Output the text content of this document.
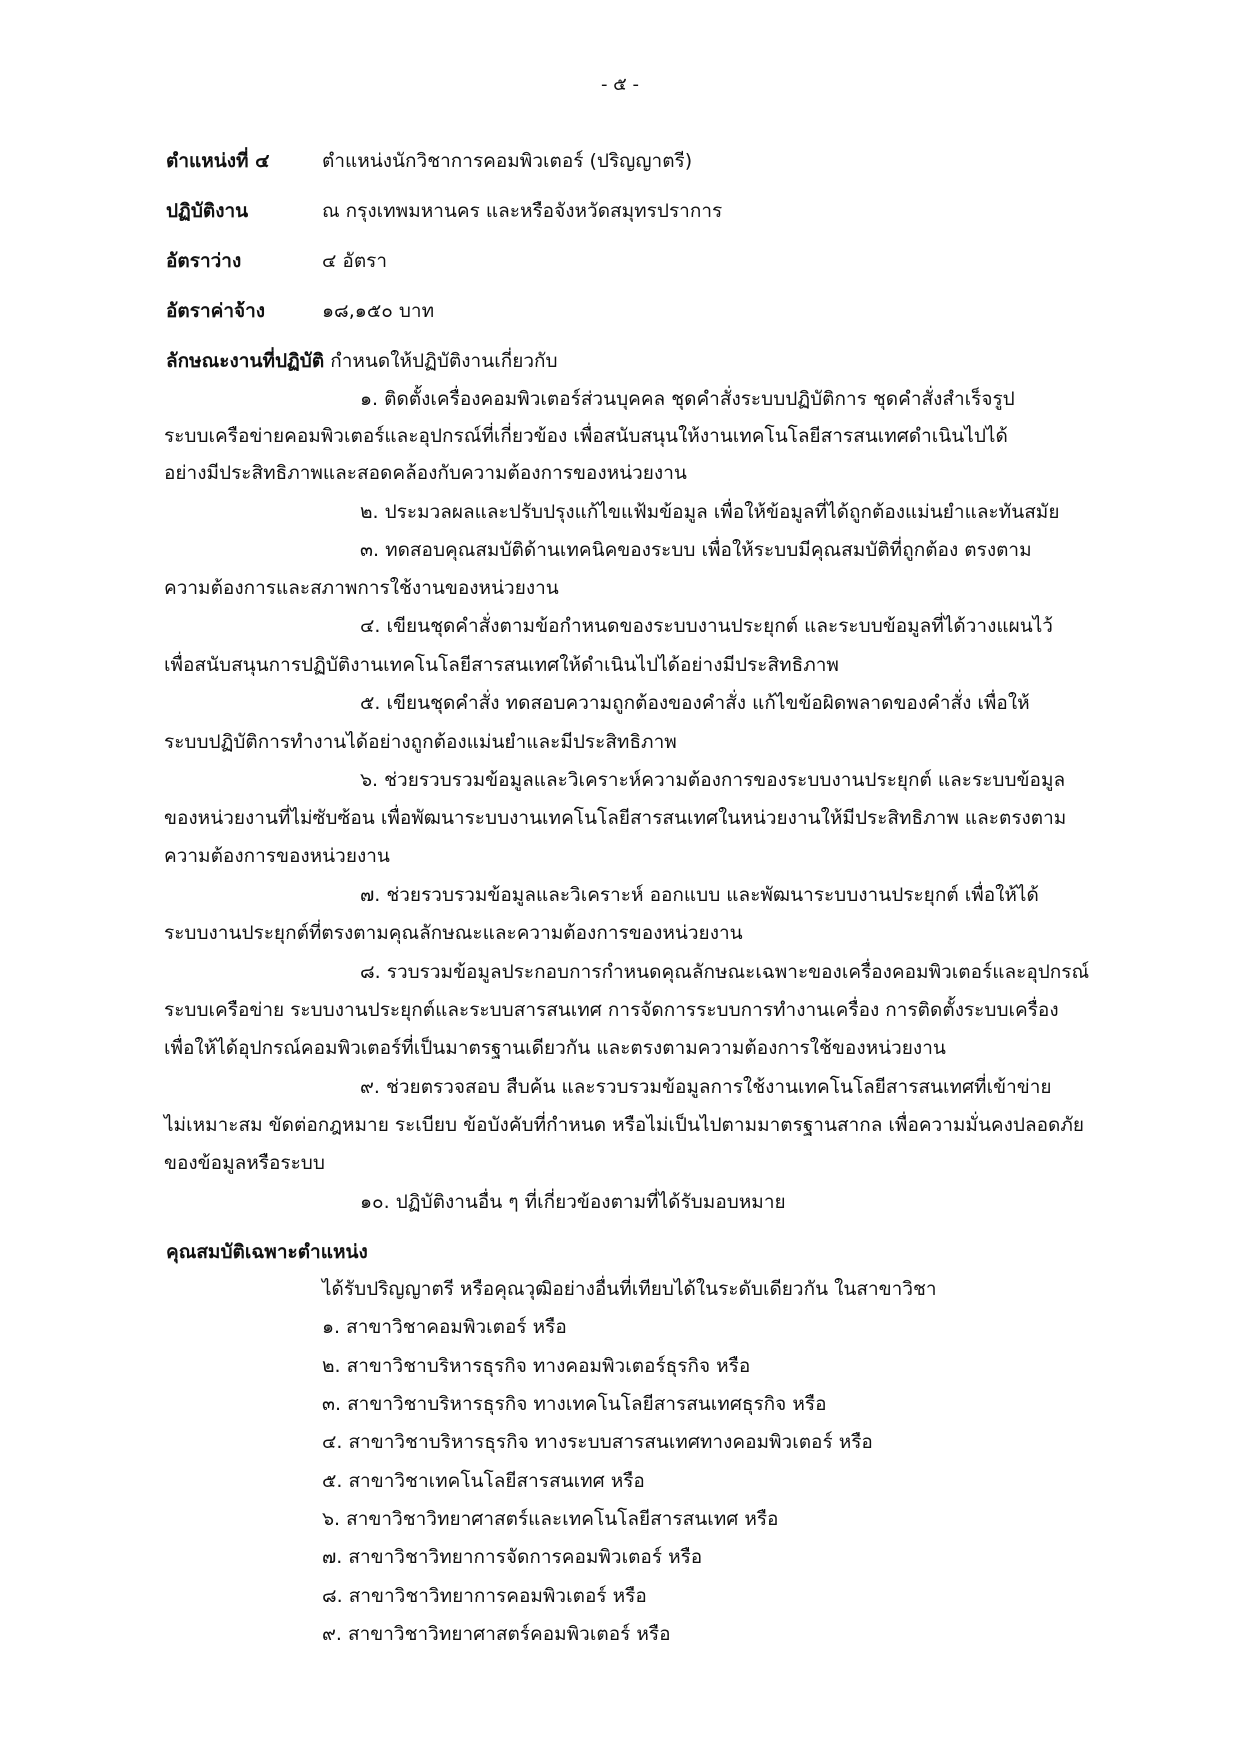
- ๕ -
ตำแหน่งที่ ๔	ตำแหน่งนักวิชาการคอมพิวเตอร์ (ปริญญาตรี)
ปฏิบัติงาน	ณ กรุงเทพมหานคร และหรือจังหวัดสมุทรปราการ
อัตราว่าง	๔ อัตรา
อัตราค่าจ้าง	๑๘,๑๕๐ บาท
ลักษณะงานที่ปฏิบัติ กำหนดให้ปฏิบัติงานเกี่ยวกับ
๑. ติดตั้งเครื่องคอมพิวเตอร์ส่วนบุคคล ชุดคำสั่งระบบปฏิบัติการ ชุดคำสั่งสำเร็จรูป
ระบบเครือข่ายคอมพิวเตอร์และอุปกรณ์ที่เกี่ยวข้อง เพื่อสนับสนุนให้งานเทคโนโลยีสารสนเทศดำเนินไปได้
อย่างมีประสิทธิภาพและสอดคล้องกับความต้องการของหน่วยงาน
๒. ประมวลผลและปรับปรุงแก้ไขแฟ้มข้อมูล เพื่อให้ข้อมูลที่ได้ถูกต้องแม่นยำและทันสมัย
๓. ทดสอบคุณสมบัติด้านเทคนิคของระบบ เพื่อให้ระบบมีคุณสมบัติที่ถูกต้อง ตรงตาม
ความต้องการและสภาพการใช้งานของหน่วยงาน
๔. เขียนชุดคำสั่งตามข้อกำหนดของระบบงานประยุกต์ และระบบข้อมูลที่ได้วางแผนไว้
เพื่อสนับสนุนการปฏิบัติงานเทคโนโลยีสารสนเทศให้ดำเนินไปได้อย่างมีประสิทธิภาพ
๕. เขียนชุดคำสั่ง ทดสอบความถูกต้องของคำสั่ง แก้ไขข้อผิดพลาดของคำสั่ง เพื่อให้
ระบบปฏิบัติการทำงานได้อย่างถูกต้องแม่นยำและมีประสิทธิภาพ
๖. ช่วยรวบรวมข้อมูลและวิเคราะห์ความต้องการของระบบงานประยุกต์ และระบบข้อมูล
ของหน่วยงานที่ไม่ซับซ้อน เพื่อพัฒนาระบบงานเทคโนโลยีสารสนเทศในหน่วยงานให้มีประสิทธิภาพ และตรงตาม
ความต้องการของหน่วยงาน
๗. ช่วยรวบรวมข้อมูลและวิเคราะห์ ออกแบบ และพัฒนาระบบงานประยุกต์ เพื่อให้ได้
ระบบงานประยุกต์ที่ตรงตามคุณลักษณะและความต้องการของหน่วยงาน
๘. รวบรวมข้อมูลประกอบการกำหนดคุณลักษณะเฉพาะของเครื่องคอมพิวเตอร์และอุปกรณ์
ระบบเครือข่าย ระบบงานประยุกต์และระบบสารสนเทศ การจัดการระบบการทำงานเครื่อง การติดตั้งระบบเครื่อง
เพื่อให้ได้อุปกรณ์คอมพิวเตอร์ที่เป็นมาตรฐานเดียวกัน และตรงตามความต้องการใช้ของหน่วยงาน
๙. ช่วยตรวจสอบ สืบค้น และรวบรวมข้อมูลการใช้งานเทคโนโลยีสารสนเทศที่เข้าข่าย
ไม่เหมาะสม ขัดต่อกฎหมาย ระเบียบ ข้อบังคับที่กำหนด หรือไม่เป็นไปตามมาตรฐานสากล เพื่อความมั่นคงปลอดภัย
ของข้อมูลหรือระบบ
๑๐. ปฏิบัติงานอื่น ๆ ที่เกี่ยวข้องตามที่ได้รับมอบหมาย
คุณสมบัติเฉพาะตำแหน่ง
ได้รับปริญญาตรี หรือคุณวุฒิอย่างอื่นที่เทียบได้ในระดับเดียวกัน ในสาขาวิชา
๑. สาขาวิชาคอมพิวเตอร์ หรือ
๒. สาขาวิชาบริหารธุรกิจ ทางคอมพิวเตอร์ธุรกิจ หรือ
๓. สาขาวิชาบริหารธุรกิจ ทางเทคโนโลยีสารสนเทศธุรกิจ หรือ
๔. สาขาวิชาบริหารธุรกิจ ทางระบบสารสนเทศทางคอมพิวเตอร์ หรือ
๕. สาขาวิชาเทคโนโลยีสารสนเทศ หรือ
๖. สาขาวิชาวิทยาศาสตร์และเทคโนโลยีสารสนเทศ หรือ
๗. สาขาวิชาวิทยาการจัดการคอมพิวเตอร์ หรือ
๘. สาขาวิชาวิทยาการคอมพิวเตอร์ หรือ
๙. สาขาวิชาวิทยาศาสตร์คอมพิวเตอร์ หรือ
